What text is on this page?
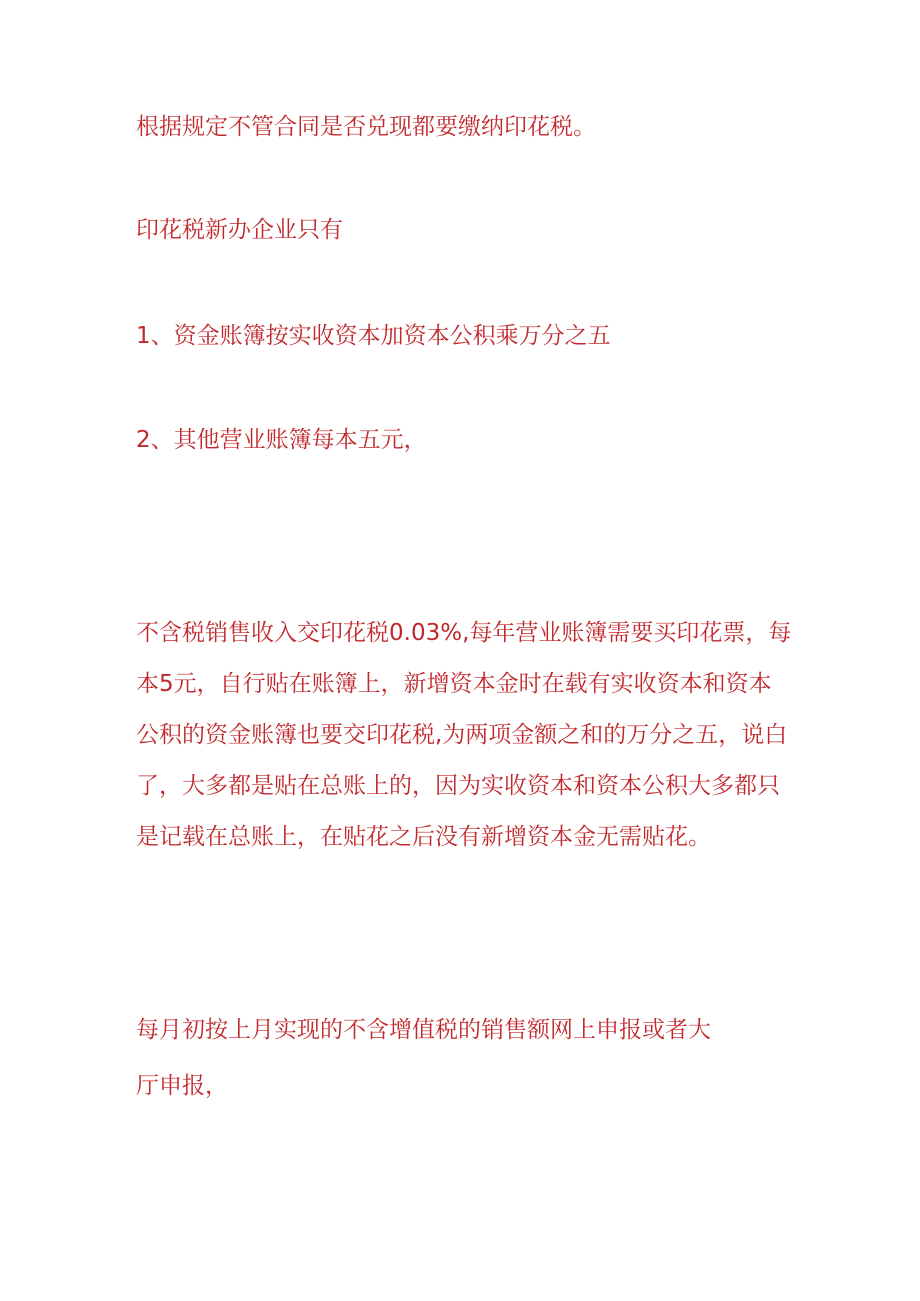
根据规定不管合同是否兑现都要缴纳印花税。

印花税新办企业只有

1、资金账簿按实收资本加资本公积乘万分之五

2、其他营业账簿每本五元，

不含税销售收入交印花税0.03%,每年营业账簿需要买印花票，每
本5元，自行贴在账簿上，新增资本金时在载有实收资本和资本
公积的资金账簿也要交印花税,为两项金额之和的万分之五，说白
了，大多都是贴在总账上的，因为实收资本和资本公积大多都只
是记载在总账上，在贴花之后没有新增资本金无需贴花。

每月初按上月实现的不含增值税的销售额网上申报或者大

厅申报，
